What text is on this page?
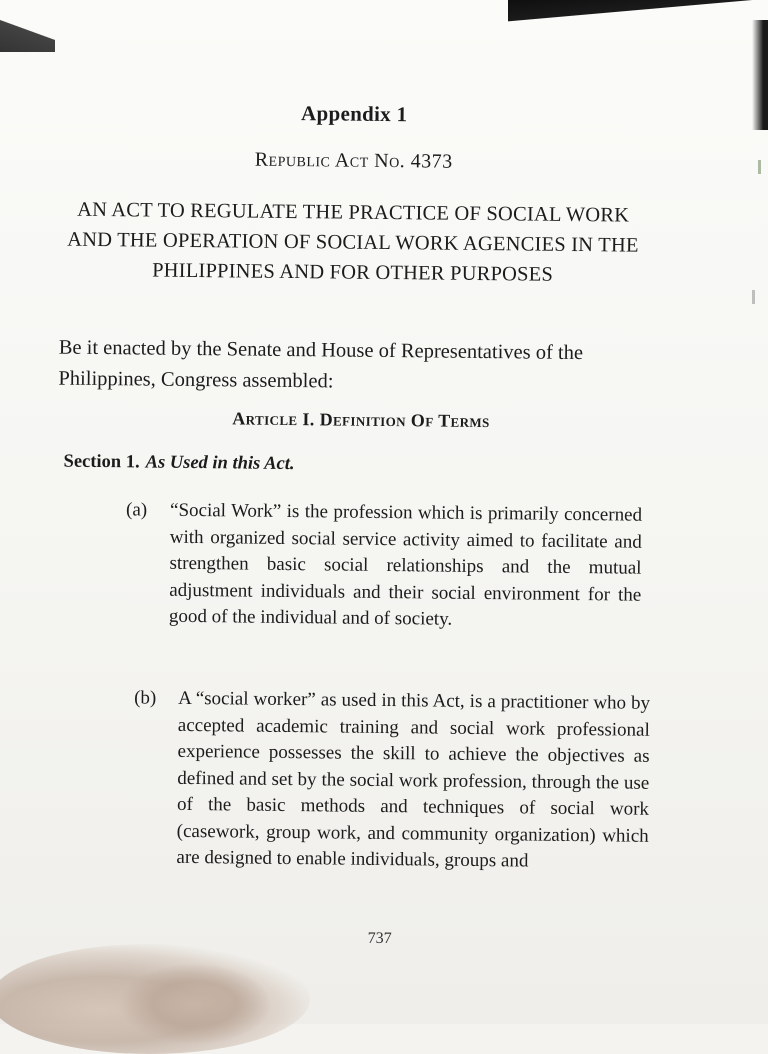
Appendix 1
Republic Act No. 4373
AN ACT TO REGULATE THE PRACTICE OF SOCIAL WORK AND THE OPERATION OF SOCIAL WORK AGENCIES IN THE PHILIPPINES AND FOR OTHER PURPOSES
Be it enacted by the Senate and House of Representatives of the Philippines, Congress assembled:
Article I. Definition Of Terms
Section 1. As Used in this Act.
(a) “Social Work” is the profession which is primarily concerned with organized social service activity aimed to facilitate and strengthen basic social relationships and the mutual adjustment individuals and their social environment for the good of the individual and of society.
(b) A “social worker” as used in this Act, is a practitioner who by accepted academic training and social work professional experience possesses the skill to achieve the objectives as defined and set by the social work profession, through the use of the basic methods and techniques of social work (casework, group work, and community organization) which are designed to enable individuals, groups and
737
